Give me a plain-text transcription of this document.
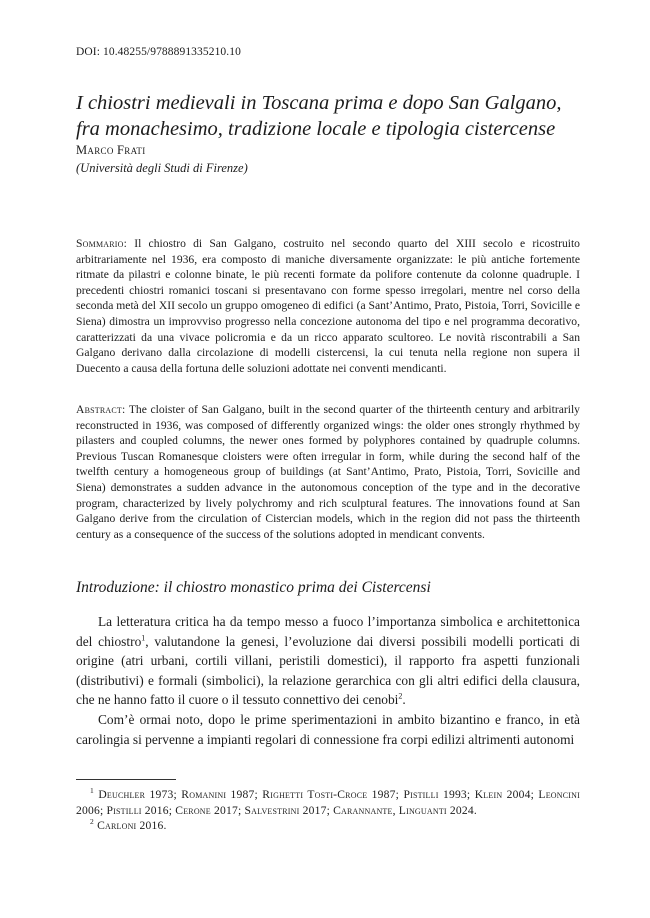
DOI: 10.48255/9788891335210.10
I chiostri medievali in Toscana prima e dopo San Galgano,
fra monachesimo, tradizione locale e tipologia cistercense
Marco Frati
(Università degli Studi di Firenze)
Sommario: Il chiostro di San Galgano, costruito nel secondo quarto del XIII secolo e ricostruito arbitrariamente nel 1936, era composto di maniche diversamente organizzate: le più antiche fortemente ritmate da pilastri e colonne binate, le più recenti formate da polifore contenute da colonne quadruple. I precedenti chiostri romanici toscani si presentavano con forme spesso irregolari, mentre nel corso della seconda metà del XII secolo un gruppo omogeneo di edifici (a Sant’Antimo, Prato, Pistoia, Torri, Sovicille e Siena) dimostra un improvviso progresso nella concezione autonoma del tipo e nel programma decorativo, caratterizzati da una vivace policromia e da un ricco apparato scultoreo. Le novità riscontrabili a San Galgano derivano dalla circolazione di modelli cistercensi, la cui tenuta nella regione non supera il Duecento a causa della fortuna delle soluzioni adottate nei conventi mendicanti.
Abstract: The cloister of San Galgano, built in the second quarter of the thirteenth century and arbitrarily reconstructed in 1936, was composed of differently organized wings: the older ones strongly rhythmed by pilasters and coupled columns, the newer ones formed by polyphores contained by quadruple columns. Previous Tuscan Romanesque cloisters were often irregular in form, while during the second half of the twelfth century a homogeneous group of buildings (at Sant’Antimo, Prato, Pistoia, Torri, Sovicille and Siena) demonstrates a sudden advance in the autonomous conception of the type and in the decorative program, characterized by lively polychromy and rich sculptural features. The innovations found at San Galgano derive from the circulation of Cistercian models, which in the region did not pass the thirteenth century as a consequence of the success of the solutions adopted in mendicant convents.
Introduzione: il chiostro monastico prima dei Cistercensi

La letteratura critica ha da tempo messo a fuoco l’importanza simbolica e architettonica del chiostro$^1$, valutandone la genesi, l’evoluzione dai diversi possibili modelli porticati di origine (atri urbani, cortili villani, peristili domestici), il rapporto fra aspetti funzionali (distributivi) e formali (simbolici), la relazione gerarchica con gli altri edifici della clausura, che ne hanno fatto il cuore o il tessuto connettivo dei cenobi$^2$.

Com’è ormai noto, dopo le prime sperimentazioni in ambito bizantino e franco, in età carolingia si pervenne a impianti regolari di connessione fra corpi edilizi altrimenti autonomi

$^1$ Deuchler 1973; Romanini 1987; Righetti Tosti-Croce 1987; Pistilli 1993; Klein 2004; Leoncini 2006; Pistilli 2016; Cerone 2017; Salvestrini 2017; Carannante, Linguanti 2024.

$^2$ Carloni 2016.
